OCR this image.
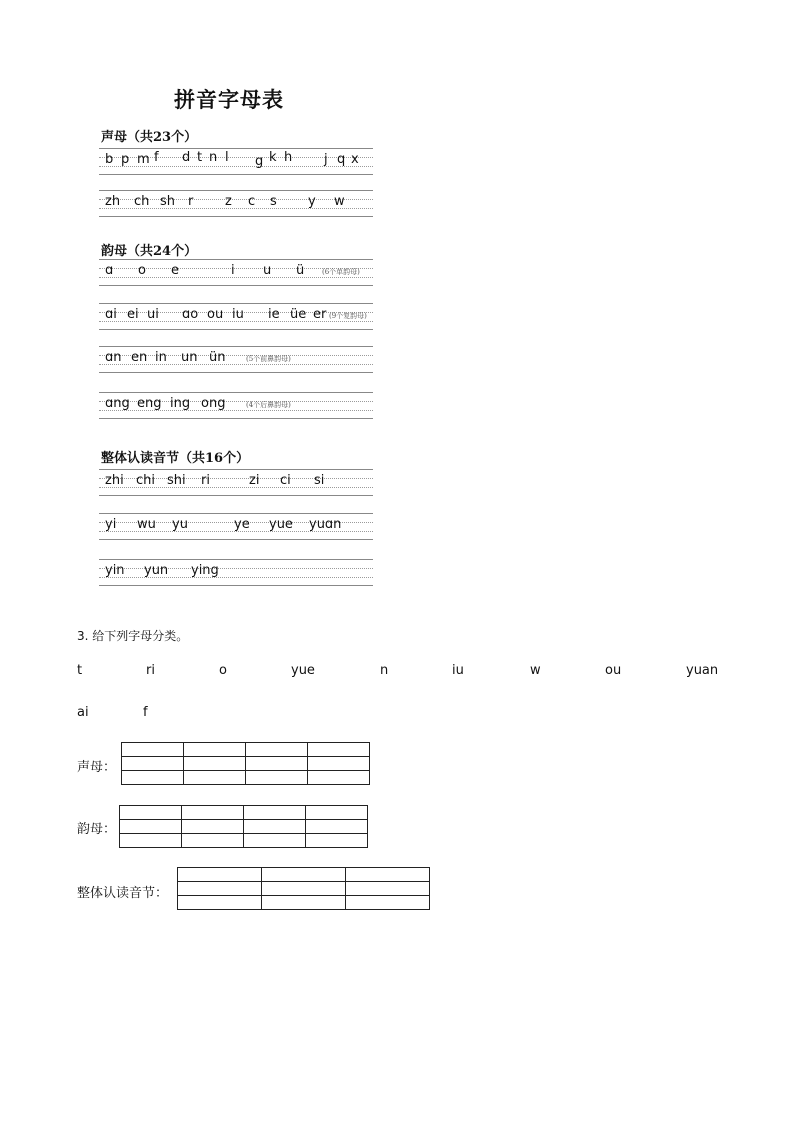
拼音字母表
声母（共23个）
b p m f d t n l g k h j q x
zh ch sh r z c s y w
韵母（共24个）
ɑ o e	i u ü	(6个单韵母)
ɑi ei ui ɑo ou iu ie üe er (9个复韵母)
ɑn en in un ün	(5个前鼻韵母)
ɑng eng ing ong	(4个后鼻韵母)
整体认读音节（共16个）
zhi chi shi ri	zi ci si
yi wu yu	ye yue yuɑn
yin yun ying
3. 给下列字母分类。
t	ri	o	yue	n	iu	w	ou	yuan
ai	f
声母：
韵母：
整体认读音节：
